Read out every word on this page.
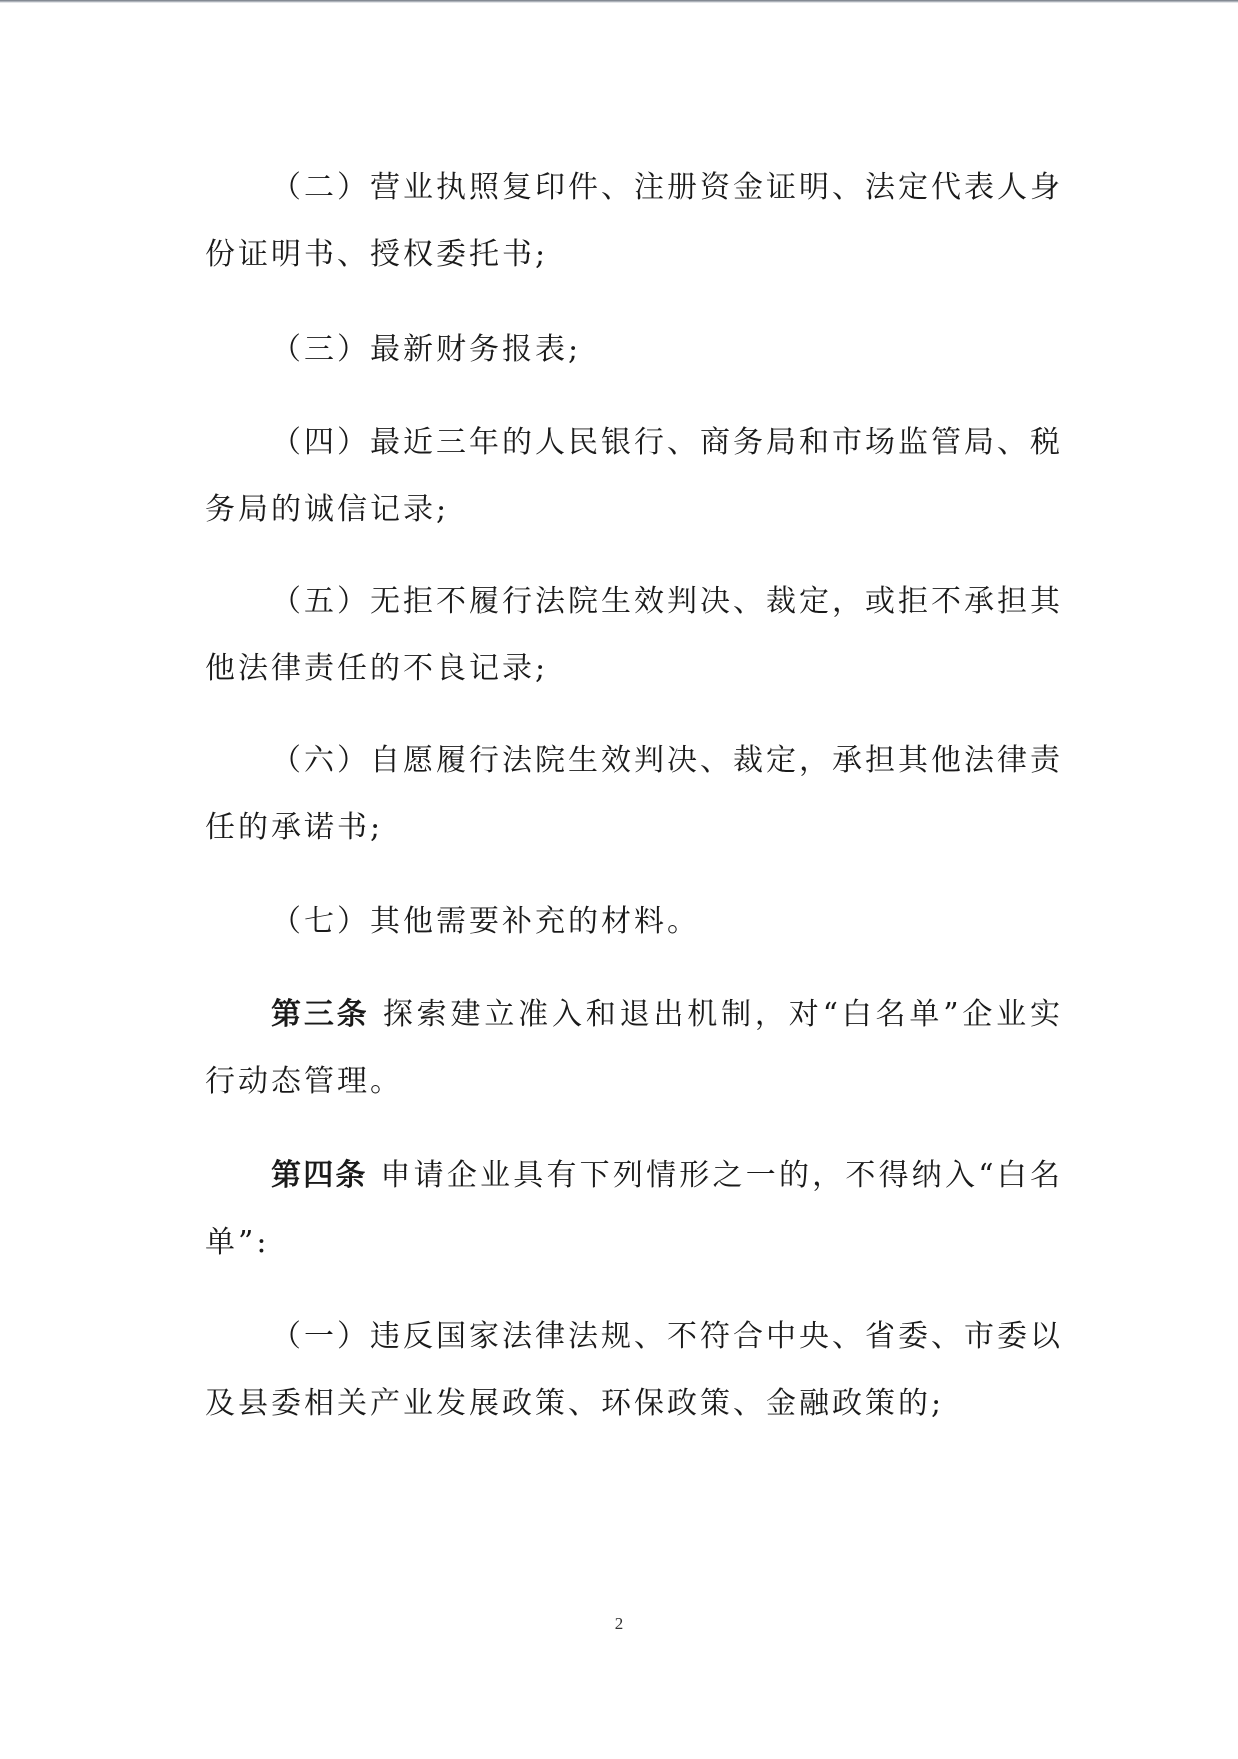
（二）营业执照复印件、注册资金证明、法定代表人身份证明书、授权委托书;

（三）最新财务报表;

（四）最近三年的人民银行、商务局和市场监管局、税务局的诚信记录;

（五）无拒不履行法院生效判决、裁定，或拒不承担其他法律责任的不良记录;

（六）自愿履行法院生效判决、裁定，承担其他法律责任的承诺书;

（七）其他需要补充的材料。

第三条 探索建立准入和退出机制，对“白名单”企业实行动态管理。

第四条 申请企业具有下列情形之一的，不得纳入“白名单”:

（一）违反国家法律法规、不符合中央、省委、市委以及县委相关产业发展政策、环保政策、金融政策的;

2
